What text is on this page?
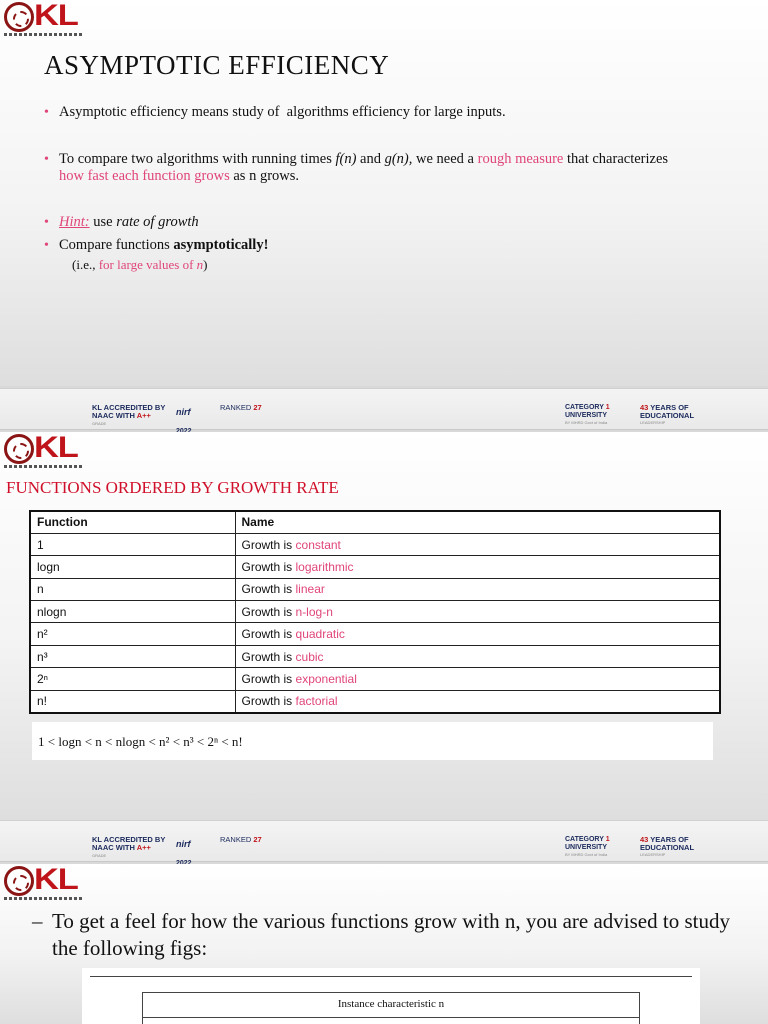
KL
ASYMPTOTIC EFFICIENCY
• Asymptotic efficiency means study of  algorithms efficiency for large inputs.
• To compare two algorithms with running times f(n) and g(n), we need a rough measure that characterizes
how fast each function grows as n grows.
• Hint: use rate of growth
• Compare functions asymptotically!
(i.e., for large values of n)
KL ACCREDITED BY
NAAC WITH A++
GRADE
nirf	RANKED 27	CATEGORY 1
UNIVERSITY
BY MHRD Govt of India
43 YEARS OF
EDUCATIONAL
LEADERSHIP
KL
FUNCTIONS ORDERED BY GROWTH RATE
Function	Name
1	Growth is constant
logn	Growth is logarithmic
n	Growth is linear
nlogn	Growth is n-log-n
n²	Growth is quadratic
n³	Growth is cubic
2ⁿ	Growth is exponential
n!	Growth is factorial
1 < logn < n < nlogn < n² < n³ < 2ⁿ < n!
KL ACCREDITED BY
NAAC WITH A++
GRADE
nirf	RANKED 27	CATEGORY 1
UNIVERSITY
BY MHRD Govt of India
43 YEARS OF
EDUCATIONAL
LEADERSHIP
KL
– To get a feel for how the various functions grow with n, you are advised to study the following figs:
Instance characteristic n
